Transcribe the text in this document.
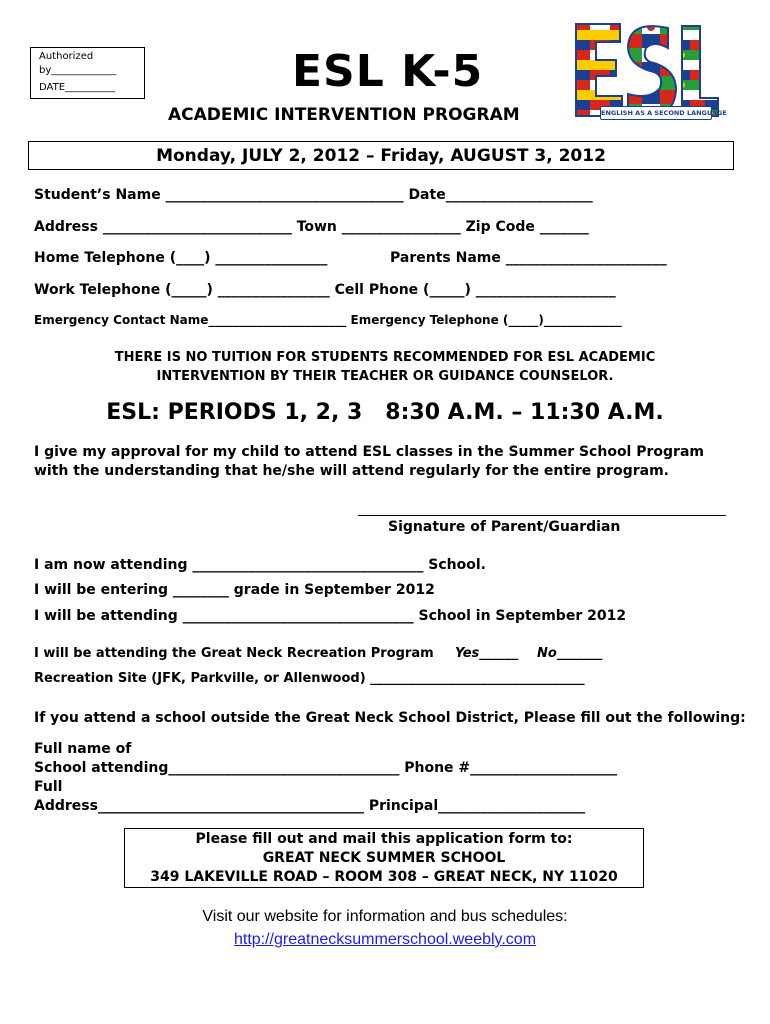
Authorized
by_____________
DATE__________	ESL K-5
ACADEMIC INTERVENTION PROGRAM	ENGLISH AS A SECOND LANGUAGE
Monday, JULY 2, 2012 – Friday, AUGUST 3, 2012
Student’s Name __________________________________ Date_____________________
Address ___________________________ Town _________________ Zip Code _______
Home Telephone (____) ________________	Parents Name _______________________
Work Telephone (_____) ________________ Cell Phone (_____) ____________________
Emergency Contact Name_______________________ Emergency Telephone (_____)_____________
THERE IS NO TUITION FOR STUDENTS RECOMMENDED FOR ESL ACADEMIC
INTERVENTION BY THEIR TEACHER OR GUIDANCE COUNSELOR.
ESL: PERIODS 1, 2, 3   8:30 A.M. – 11:30 A.M.
I give my approval for my child to attend ESL classes in the Summer School Program with the understanding that he/she will attend regularly for the entire program.
Signature of Parent/Guardian
I am now attending _________________________________ School.
I will be entering ________ grade in September 2012
I will be attending _________________________________ School in September 2012
I will be attending the Great Neck Recreation Program Yes______ No_______
Recreation Site (JFK, Parkville, or Allenwood) _________________________________
If you attend a school outside the Great Neck School District, Please fill out the following:
Full name of
School attending_________________________________ Phone #_____________________
Full
Address______________________________________ Principal_____________________
Please fill out and mail this application form to:
GREAT NECK SUMMER SCHOOL
349 LAKEVILLE ROAD – ROOM 308 – GREAT NECK, NY 11020
Visit our website for information and bus schedules:
http://greatnecksummerschool.weebly.com
